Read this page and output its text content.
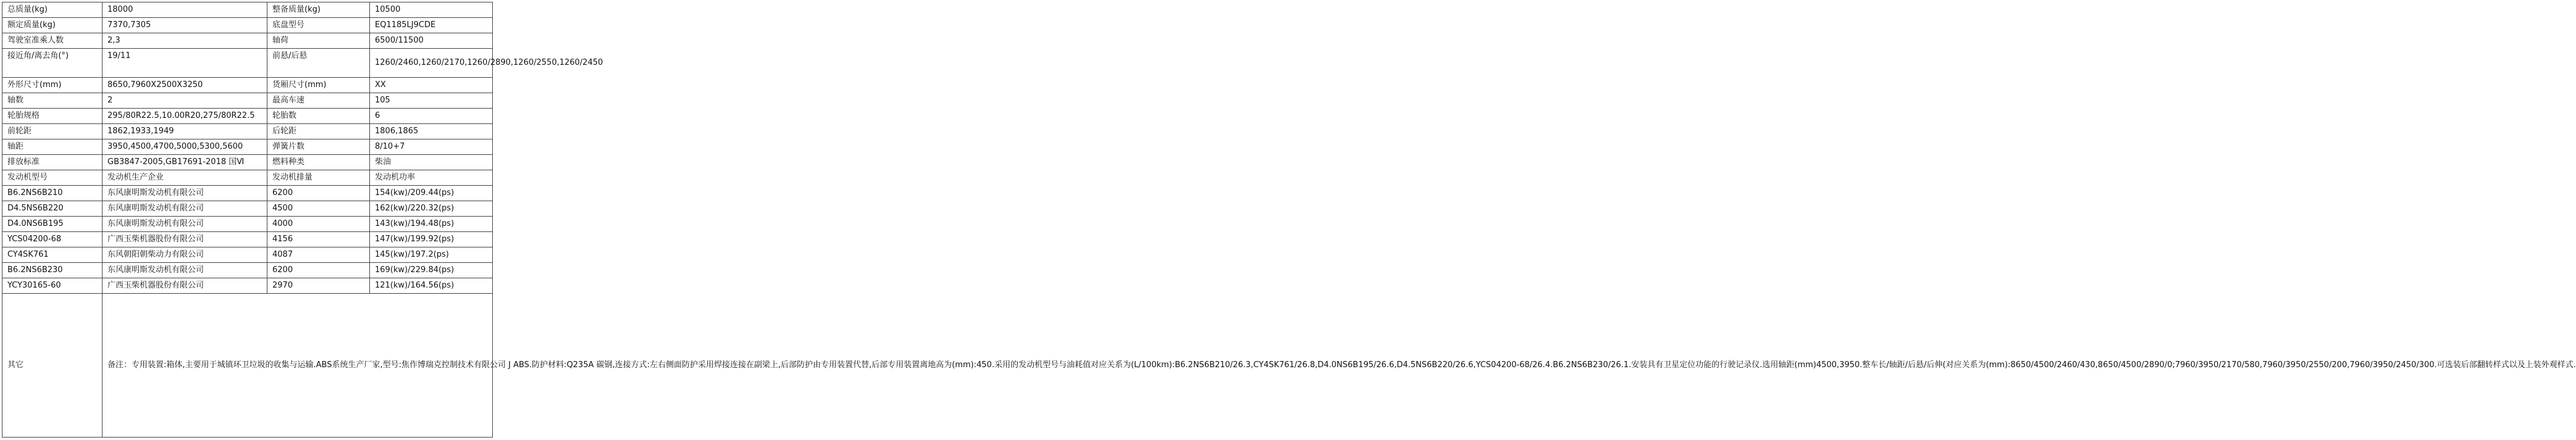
总质量(kg)	18000	整备质量(kg)	10500
额定质量(kg)	7370,7305	底盘型号	EQ1185LJ9CDE
驾驶室准乘人数	2,3	轴荷	6500/11500
接近角/离去角(°)	19/11	前悬/后悬	1260/2460,1260/2170,1260/2890,1260/2550,1260/2450
外形尺寸(mm)	8650,7960X2500X3250	货厢尺寸(mm)	XX
轴数	2	最高车速	105
轮胎规格	295/80R22.5,10.00R20,275/80R22.5	轮胎数	6
前轮距	1862,1933,1949	后轮距	1806,1865
轴距	3950,4500,4700,5000,5300,5600	弹簧片数	8/10+7
排放标准	GB3847-2005,GB17691-2018 国Ⅵ	燃料种类	柴油
发动机型号	发动机生产企业	发动机排量	发动机功率
B6.2NS6B210	东风康明斯发动机有限公司	6200	154(kw)/209.44(ps)
D4.5NS6B220	东风康明斯发动机有限公司	4500	162(kw)/220.32(ps)
D4.0NS6B195	东风康明斯发动机有限公司	4000	143(kw)/194.48(ps)
YCS04200-68	广西玉柴机器股份有限公司	4156	147(kw)/199.92(ps)
CY4SK761	东风朝阳朝柴动力有限公司	4087	145(kw)/197.2(ps)
B6.2NS6B230	东风康明斯发动机有限公司	6200	169(kw)/229.84(ps)
YCY30165-60	广西玉柴机器股份有限公司	2970	121(kw)/164.56(ps)
其它	备注：专用装置:箱体,主要用于城镇环卫垃圾的收集与运输.ABS系统生产厂家,型号:焦作博瑞克控制技术有限公司 J ABS.防护材料:Q235A 碳钢,连接方式:左右侧面防护采用焊接连接在副梁上,后部防护由专用装置代替,后部专用装置离地高为(mm):450.采用的发动机型号与油耗值对应关系为(L/100km):B6.2NS6B210/26.3,CY4SK761/26.8,D4.0NS6B195/26.6,D4.5NS6B220/26.6,YCS04200-68/26.4.B6.2NS6B230/26.1.安装具有卫星定位功能的行驶记录仪.选用轴距(mm)4500,3950.整车长/轴距/后悬/后伸(对应关系为(mm):8650/4500/2460/430,8650/4500/2890/0;7960/3950/2170/580,7960/3950/2550/200,7960/3950/2450/300.可选装后部翻转样式以及上装外观样式.		
